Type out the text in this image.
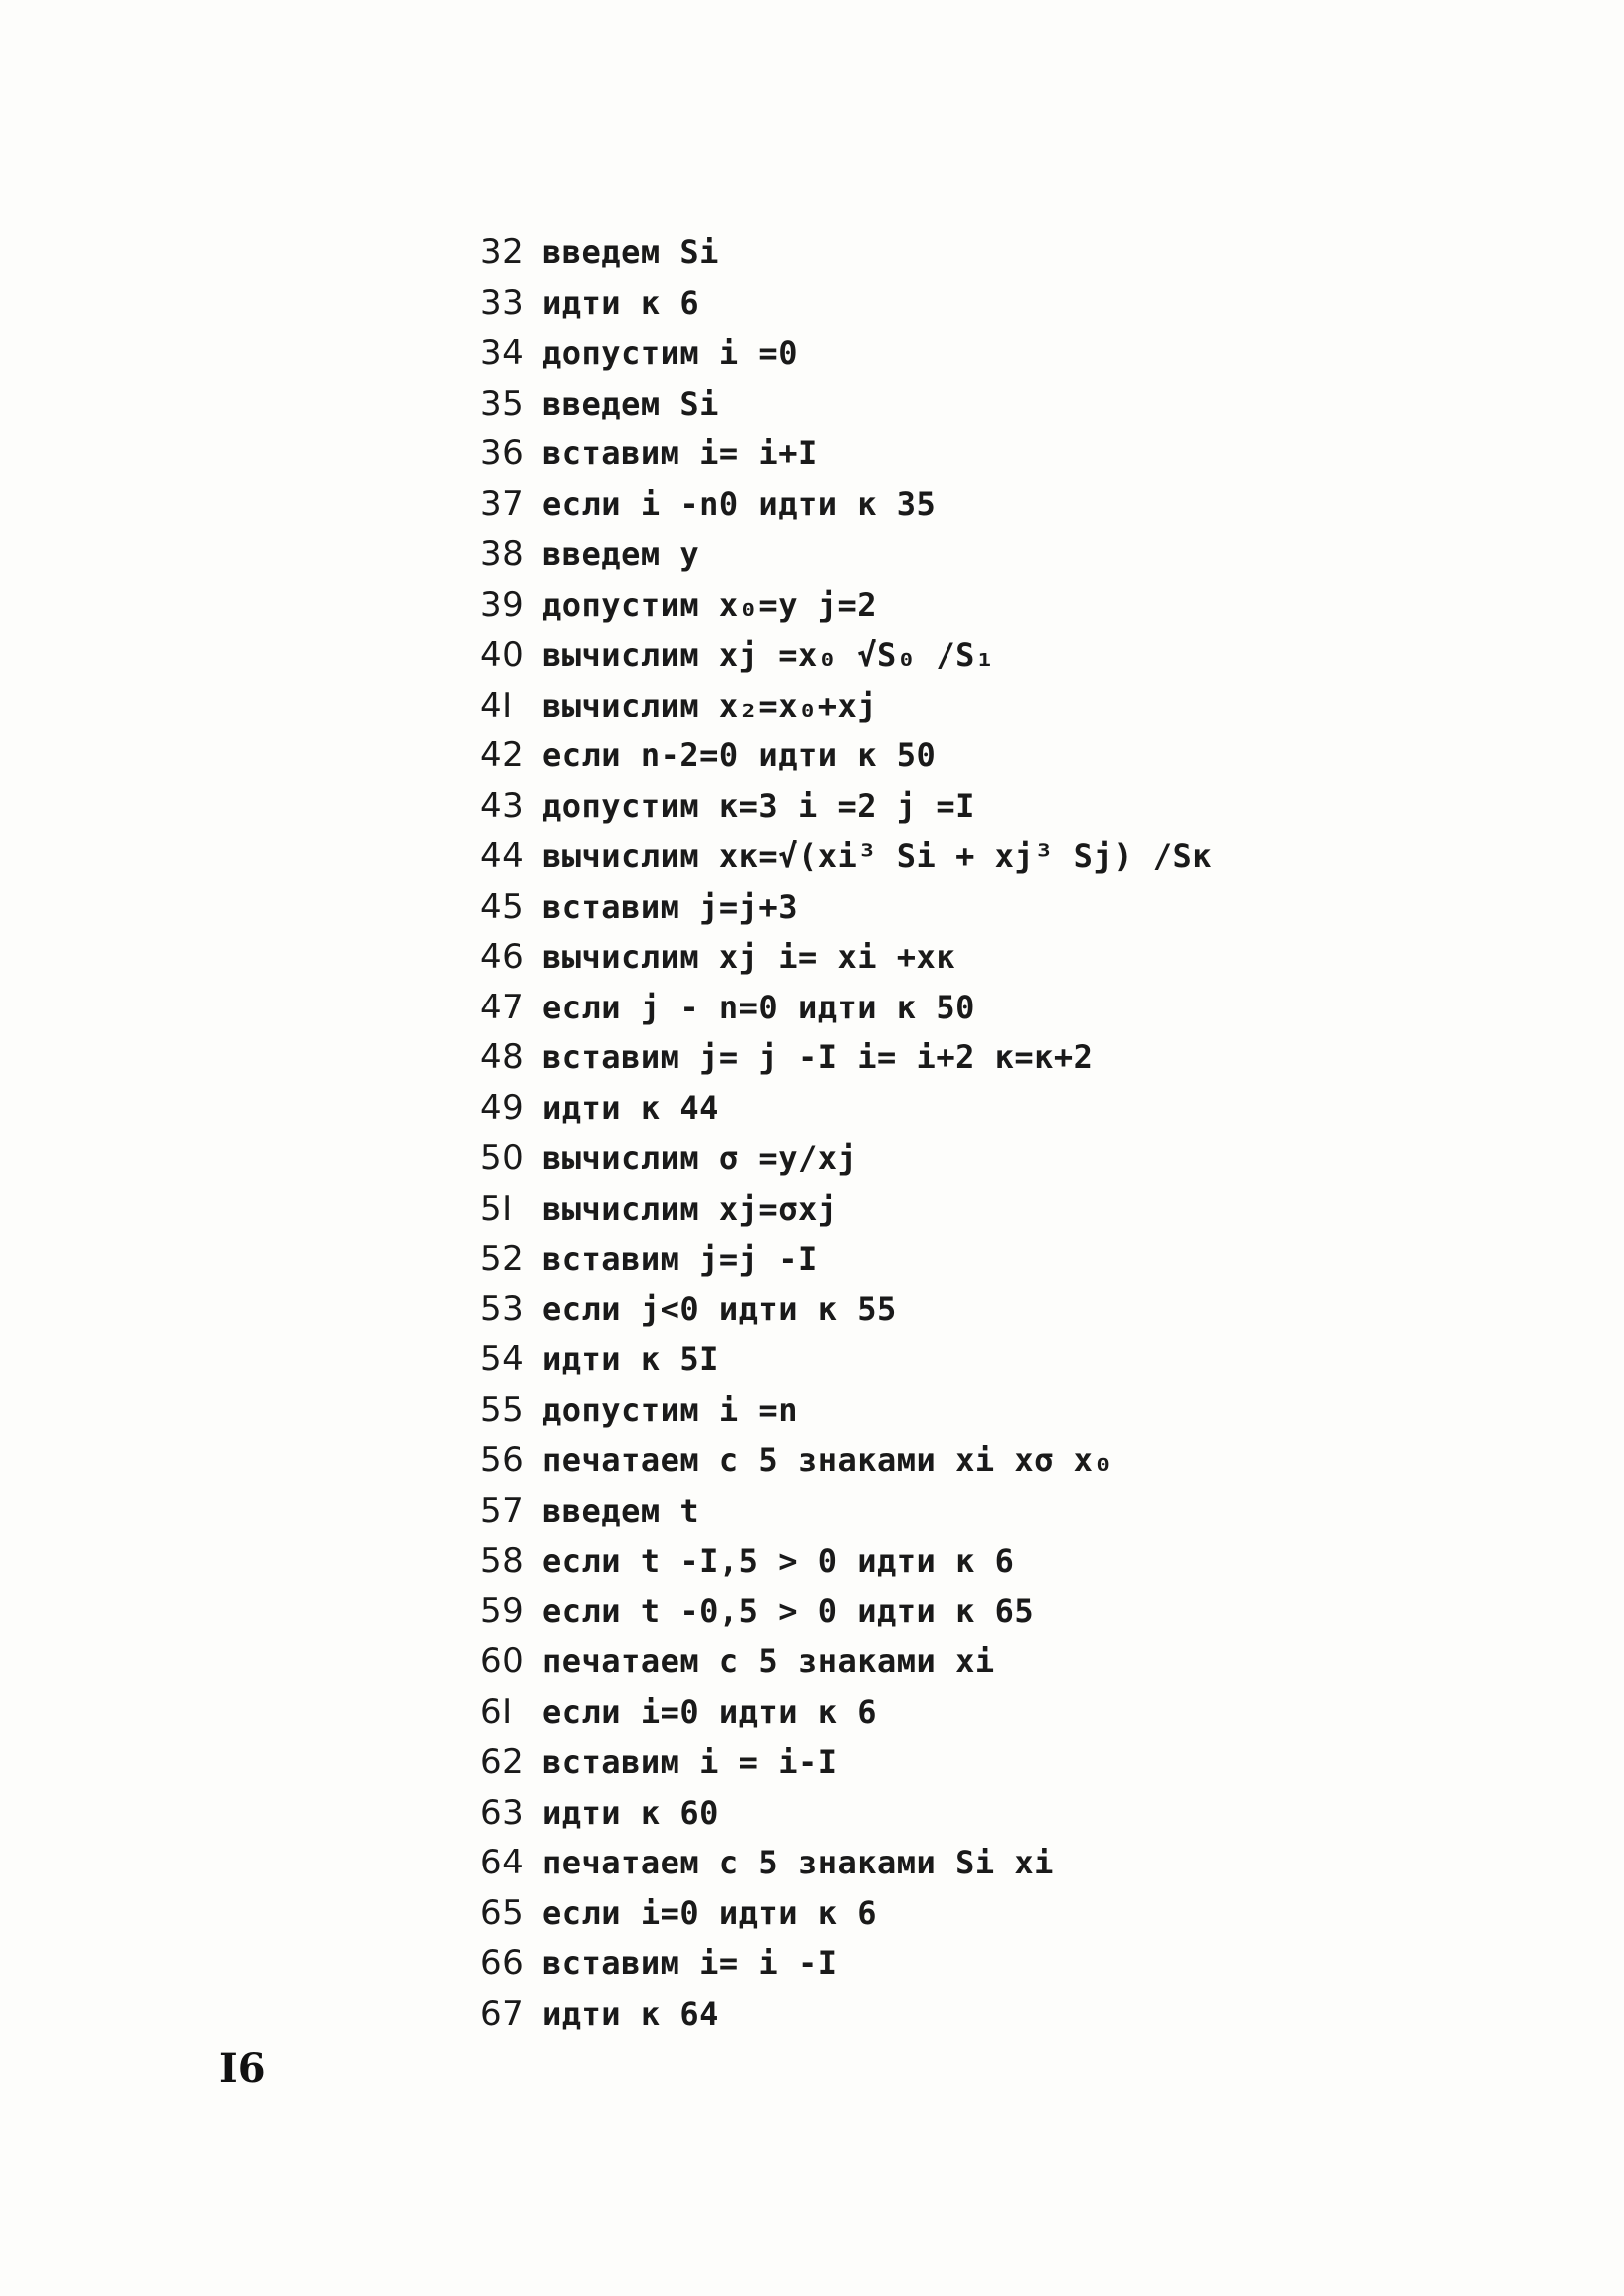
32 введем Si
33 идти к 6
34 допустим i =0
35 введем Si
36 вставим i= i+I
37 если i -n0 идти к 35
38 введем у
39 допустим x₀=y j=2
40 вычислим xj =x₀ √S₀ /S₁
4I вычислим x₂=x₀+xj
42 если n-2=0 идти к 50
43 допустим к=3 i =2 j =I
44 вычислим xк=√(xi³ Si + xj³ Sj) /Sк
45 вставим j=j+3
46 вычислим xj i= xi +xк
47 если j - n=0 идти к 50
48 вставим j= j -I i= i+2 к=к+2
49 идти к 44
50 вычислим σ =y/xj
5I вычислим xj=σxj
52 вставим j=j -I
53 если j<0 идти к 55
54 идти к 5I
55 допустим i =n
56 печатаем с 5 знаками xi xσ x₀
57 введем t
58 если t -I,5 > 0 идти к 6
59 если t -0,5 > 0 идти к 65
60 печатаем с 5 знаками xi
6I если i=0 идти к 6
62 вставим i = i-I
63 идти к 60
64 печатаем с 5 знаками Si xi
65 если i=0 идти к 6
66 вставим i= i -I
67 идти к 64
I6
